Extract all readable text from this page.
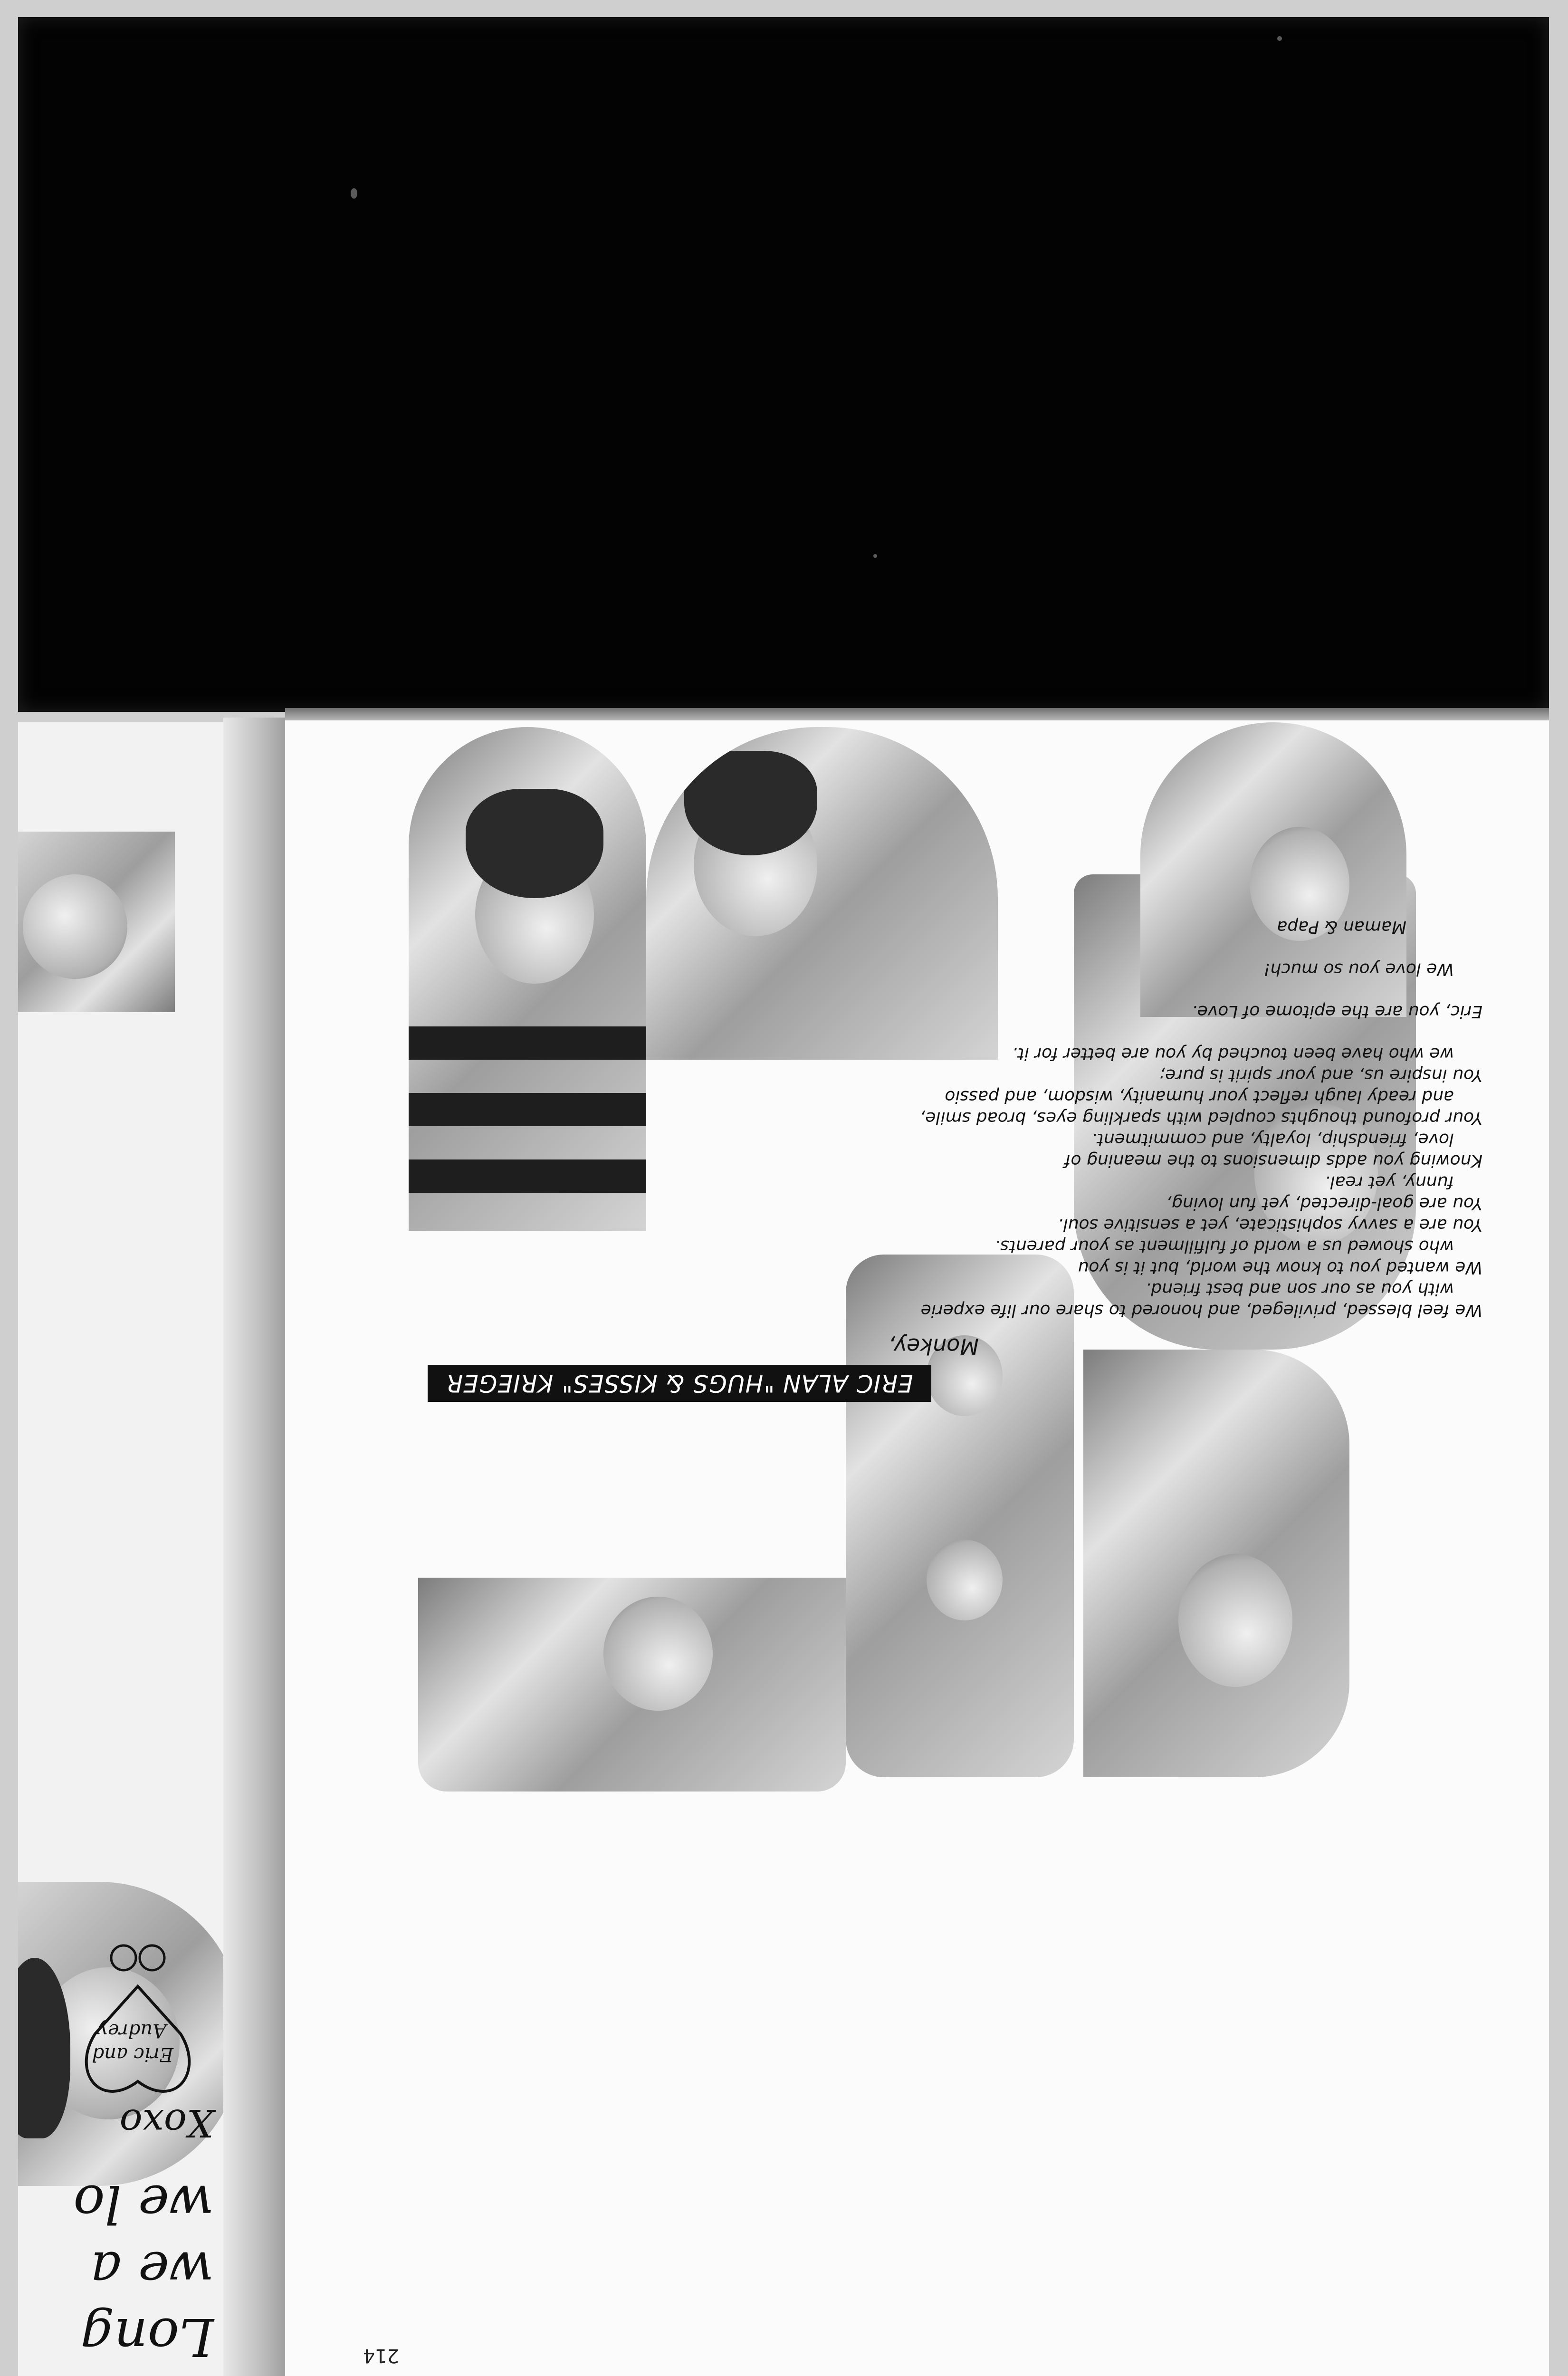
Long
we a
we lo
Xoxo
Eric and
Audrey
214
ERIC ALAN "HUGS & KISSES" KRIEGER
Monkey,
We feel blessed, privileged, and honored to share our life experie
with you as our son and best friend.
We wanted you to know the world, but it is you
who showed us a world of fulfillment as your parents.
You are a savvy sophisticate, yet a sensitive soul.
You are goal-directed, yet fun loving,
funny, yet real.
Knowing you adds dimensions to the meaning of
love, friendship, loyalty, and commitment.
Your profound thoughts coupled with sparkling eyes, broad smile,
and ready laugh reflect your humanity, wisdom, and passio
You inspire us, and your spirit is pure;
we who have been touched by you are better for it.
Eric, you are the epitome of Love.
We love you so much!
Maman & Papa
